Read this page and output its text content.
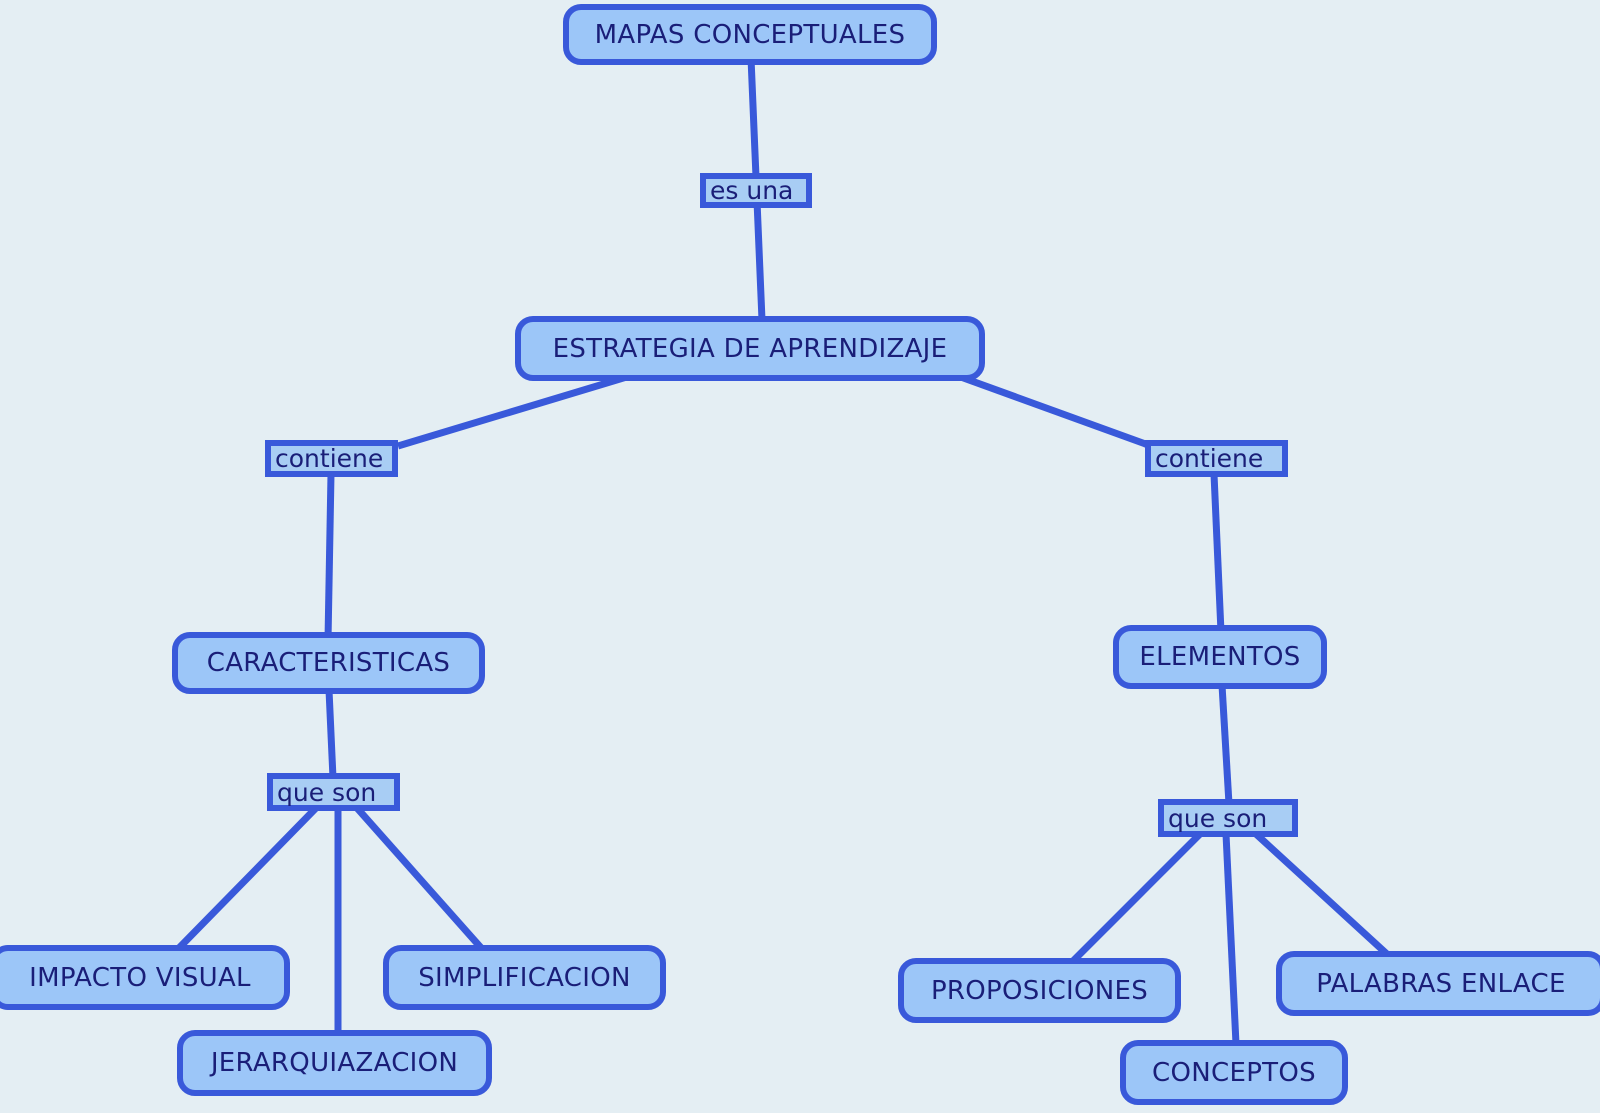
MAPAS CONCEPTUALES
es una
ESTRATEGIA DE APRENDIZAJE
contiene	contiene
CARACTERISTICAS	ELEMENTOS
que son
que son
IMPACTO VISUAL	SIMPLIFICACION
JERARQUIAZACION
PROPOSICIONES
CONCEPTOS
PALABRAS ENLACE
